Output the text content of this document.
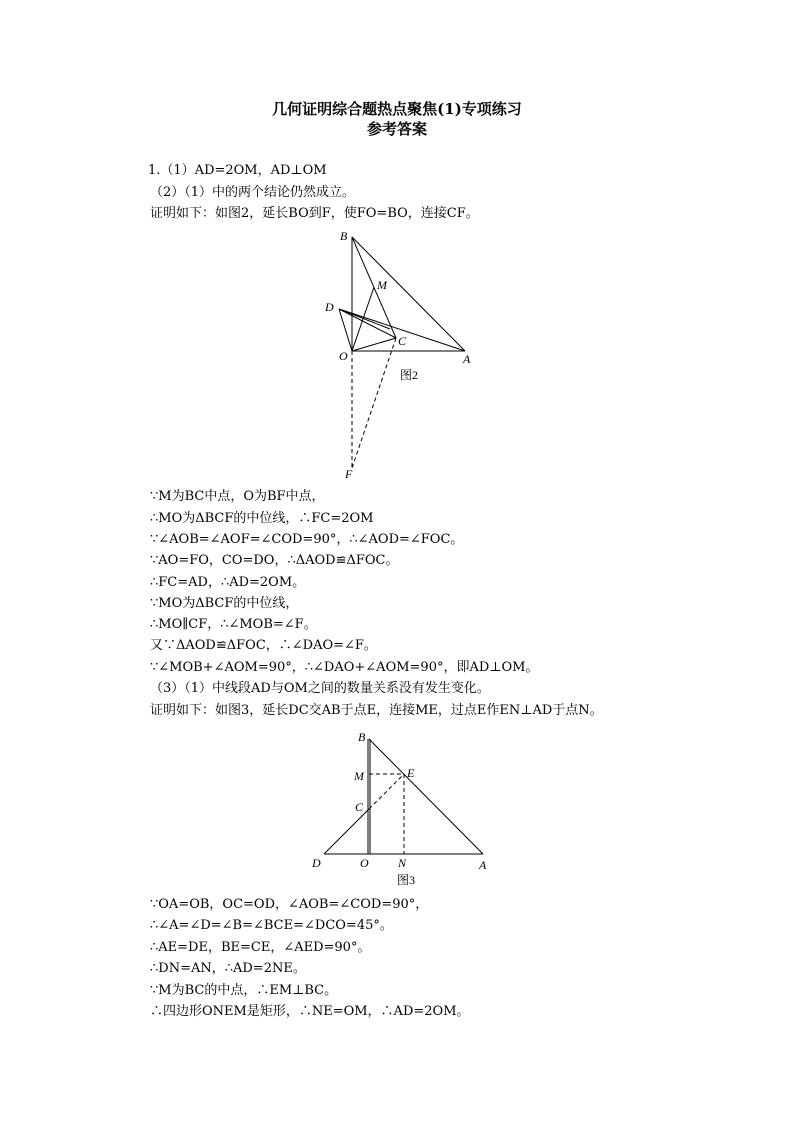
几何证明综合题热点聚焦(1)专项练习
参考答案
1.（1）AD=2OM，AD⊥OM
（2）（1）中的两个结论仍然成立。
证明如下：如图2，延长BO到F，使FO=BO，连接CF。
B
M
D
O
C
A
F
图2
∵M为BC中点，O为BF中点，
∴MO为ΔBCF的中位线，∴FC=2OM
∵∠AOB=∠AOF=∠COD=90°，∴∠AOD=∠FOC。
∵AO=FO，CO=DO，∴ΔAOD≌ΔFOC。
∴FC=AD，∴AD=2OM。
∵MO为ΔBCF的中位线，
∴MO∥CF，∴∠MOB=∠F。
又∵ΔAOD≌ΔFOC，∴∠DAO=∠F。
∵∠MOB+∠AOM=90°，∴∠DAO+∠AOM=90°，即AD⊥OM。
（3）（1）中线段AD与OM之间的数量关系没有发生变化。
证明如下：如图3，延长DC交AB于点E，连接ME，过点E作EN⊥AD于点N。
B
M	E
C
D	O N	A
图3
∵OA=OB，OC=OD，∠AOB=∠COD=90°，
∴∠A=∠D=∠B=∠BCE=∠DCO=45°。
∴AE=DE，BE=CE，∠AED=90°。
∴DN=AN，∴AD=2NE。
∵M为BC的中点，∴EM⊥BC。
∴四边形ONEM是矩形，∴NE=OM，∴AD=2OM。
